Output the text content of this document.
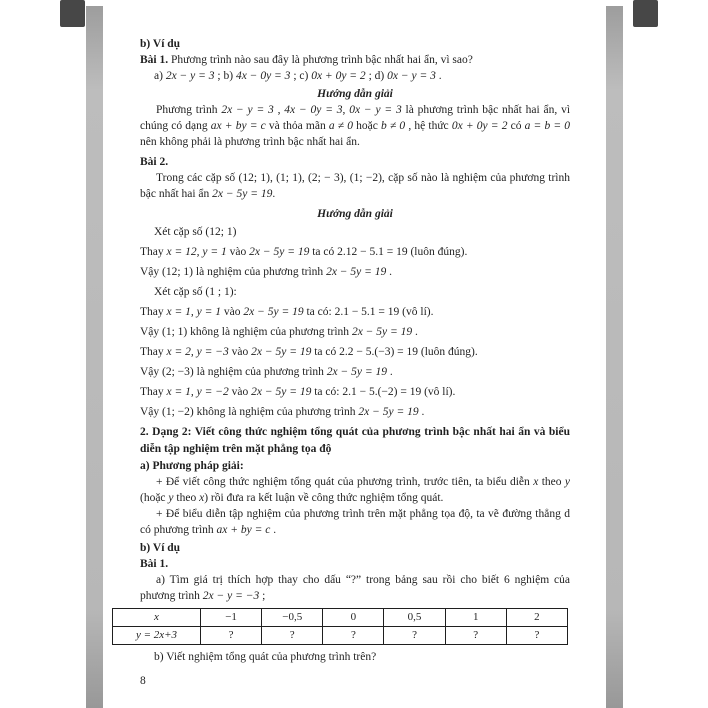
b) Ví dụ

Bài 1. Phương trình nào sau đây là phương trình bậc nhất hai ẩn, vì sao?

a) 2x − y = 3 ; b) 4x − 0y = 3 ; c) 0x + 0y = 2 ; d) 0x − y = 3 .

Hướng dẫn giải

Phương trình 2x − y = 3 , 4x − 0y = 3, 0x − y = 3 là phương trình bậc nhất hai ẩn, vì chúng có dạng ax + by = c và thỏa mãn a ≠ 0 hoặc b ≠ 0 , hệ thức 0x + 0y = 2 có a = b = 0 nên không phải là phương trình bậc nhất hai ẩn.

Bài 2.

Trong các cặp số (12; 1), (1; 1), (2; − 3), (1; −2), cặp số nào là nghiệm của phương trình bậc nhất hai ẩn 2x − 5y = 19.

Hướng dẫn giải

Xét cặp số (12; 1)

Thay x = 12, y = 1 vào 2x − 5y = 19 ta có 2.12 − 5.1 = 19 (luôn đúng).

Vậy (12; 1) là nghiệm của phương trình 2x − 5y = 19 .

Xét cặp số (1 ; 1):

Thay x = 1, y = 1 vào 2x − 5y = 19 ta có: 2.1 − 5.1 = 19 (vô lí).

Vậy (1; 1) không là nghiệm của phương trình 2x − 5y = 19 .

Thay x = 2, y = −3 vào 2x − 5y = 19 ta có 2.2 − 5.(−3) = 19 (luôn đúng).

Vậy (2; −3) là nghiệm của phương trình 2x − 5y = 19 .

Thay x = 1, y = −2 vào 2x − 5y = 19 ta có: 2.1 − 5.(−2) = 19 (vô lí).

Vậy (1; −2) không là nghiệm của phương trình 2x − 5y = 19 .

2. Dạng 2: Viết công thức nghiệm tổng quát của phương trình bậc nhất hai ẩn và biểu diễn tập nghiệm trên mặt phẳng tọa độ

a) Phương pháp giải:

+ Để viết công thức nghiệm tổng quát của phương trình, trước tiên, ta biểu diễn x theo y (hoặc y theo x) rồi đưa ra kết luận về công thức nghiệm tổng quát.

+ Để biểu diễn tập nghiệm của phương trình trên mặt phẳng tọa độ, ta vẽ đường thẳng d có phương trình ax + by = c .

b) Ví dụ

Bài 1.

a) Tìm giá trị thích hợp thay cho dấu “?” trong bảng sau rồi cho biết 6 nghiệm của phương trình 2x − y = −3 ;

x	−1	−0,5	0	0,5	1	2
y = 2x+3	?	?	?	?	?	?

b) Viết nghiệm tổng quát của phương trình trên?

8
